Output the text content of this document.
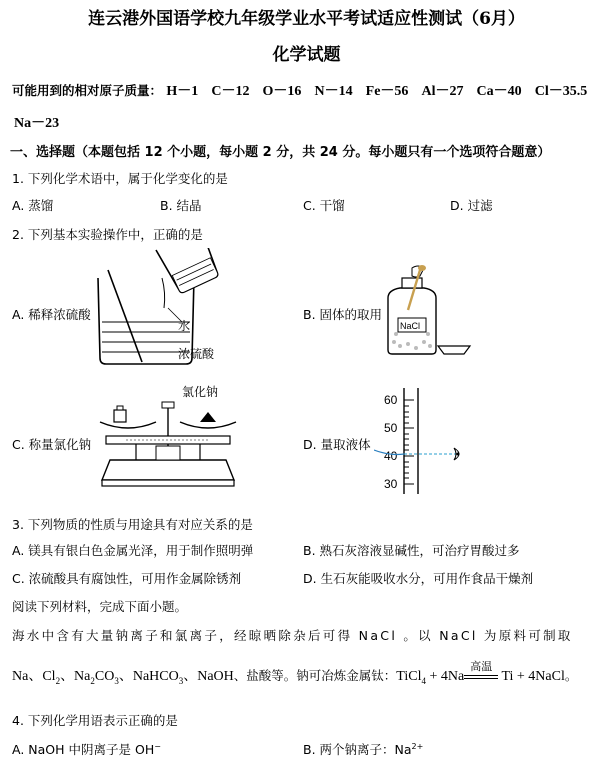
连云港外国语学校九年级学业水平考试适应性测试（6月）
化学试题
可能用到的相对原子质量： H－1 C－12 O－16 N－14 Fe－56 Al－27 Ca－40 Cl－35.5
Na－23
一、选择题（本题包括 12 个小题，每小题 2 分，共 24 分。每小题只有一个选项符合题意）
1. 下列化学术语中，属于化学变化的是
A. 蒸馏	B. 结晶	C. 干馏	D. 过滤
2. 下列基本实验操作中，正确的是
水
浓硫酸
A. 稀释浓硫酸
NaCl
B. 固体的取用
氯化钠
C. 称量氯化钠
60
50
40
30
D. 量取液体
3. 下列物质的性质与用途具有对应关系的是
A. 镁具有银白色金属光泽，用于制作照明弹	B. 熟石灰溶液显碱性，可治疗胃酸过多
C. 浓硫酸具有腐蚀性，可用作金属除锈剂	D. 生石灰能吸收水分，可用作食品干燥剂
阅读下列材料，完成下面小题。
海水中含有大量钠离子和氯离子，经晾晒除杂后可得 NaCl 。以 NaCl 为原料可制取
Na、$Cl_2$、$Na_2CO_3$、NaHCO$_3$、NaOH、盐酸等。钠可冶炼金属钛：TiCl$_4$ + 4Na
高温
Ti + 4NaCl。
4. 下列化学用语表示正确的是
A. NaOH 中阴离子是 OH−	B. 两个钠离子：$Na^{2+}$
